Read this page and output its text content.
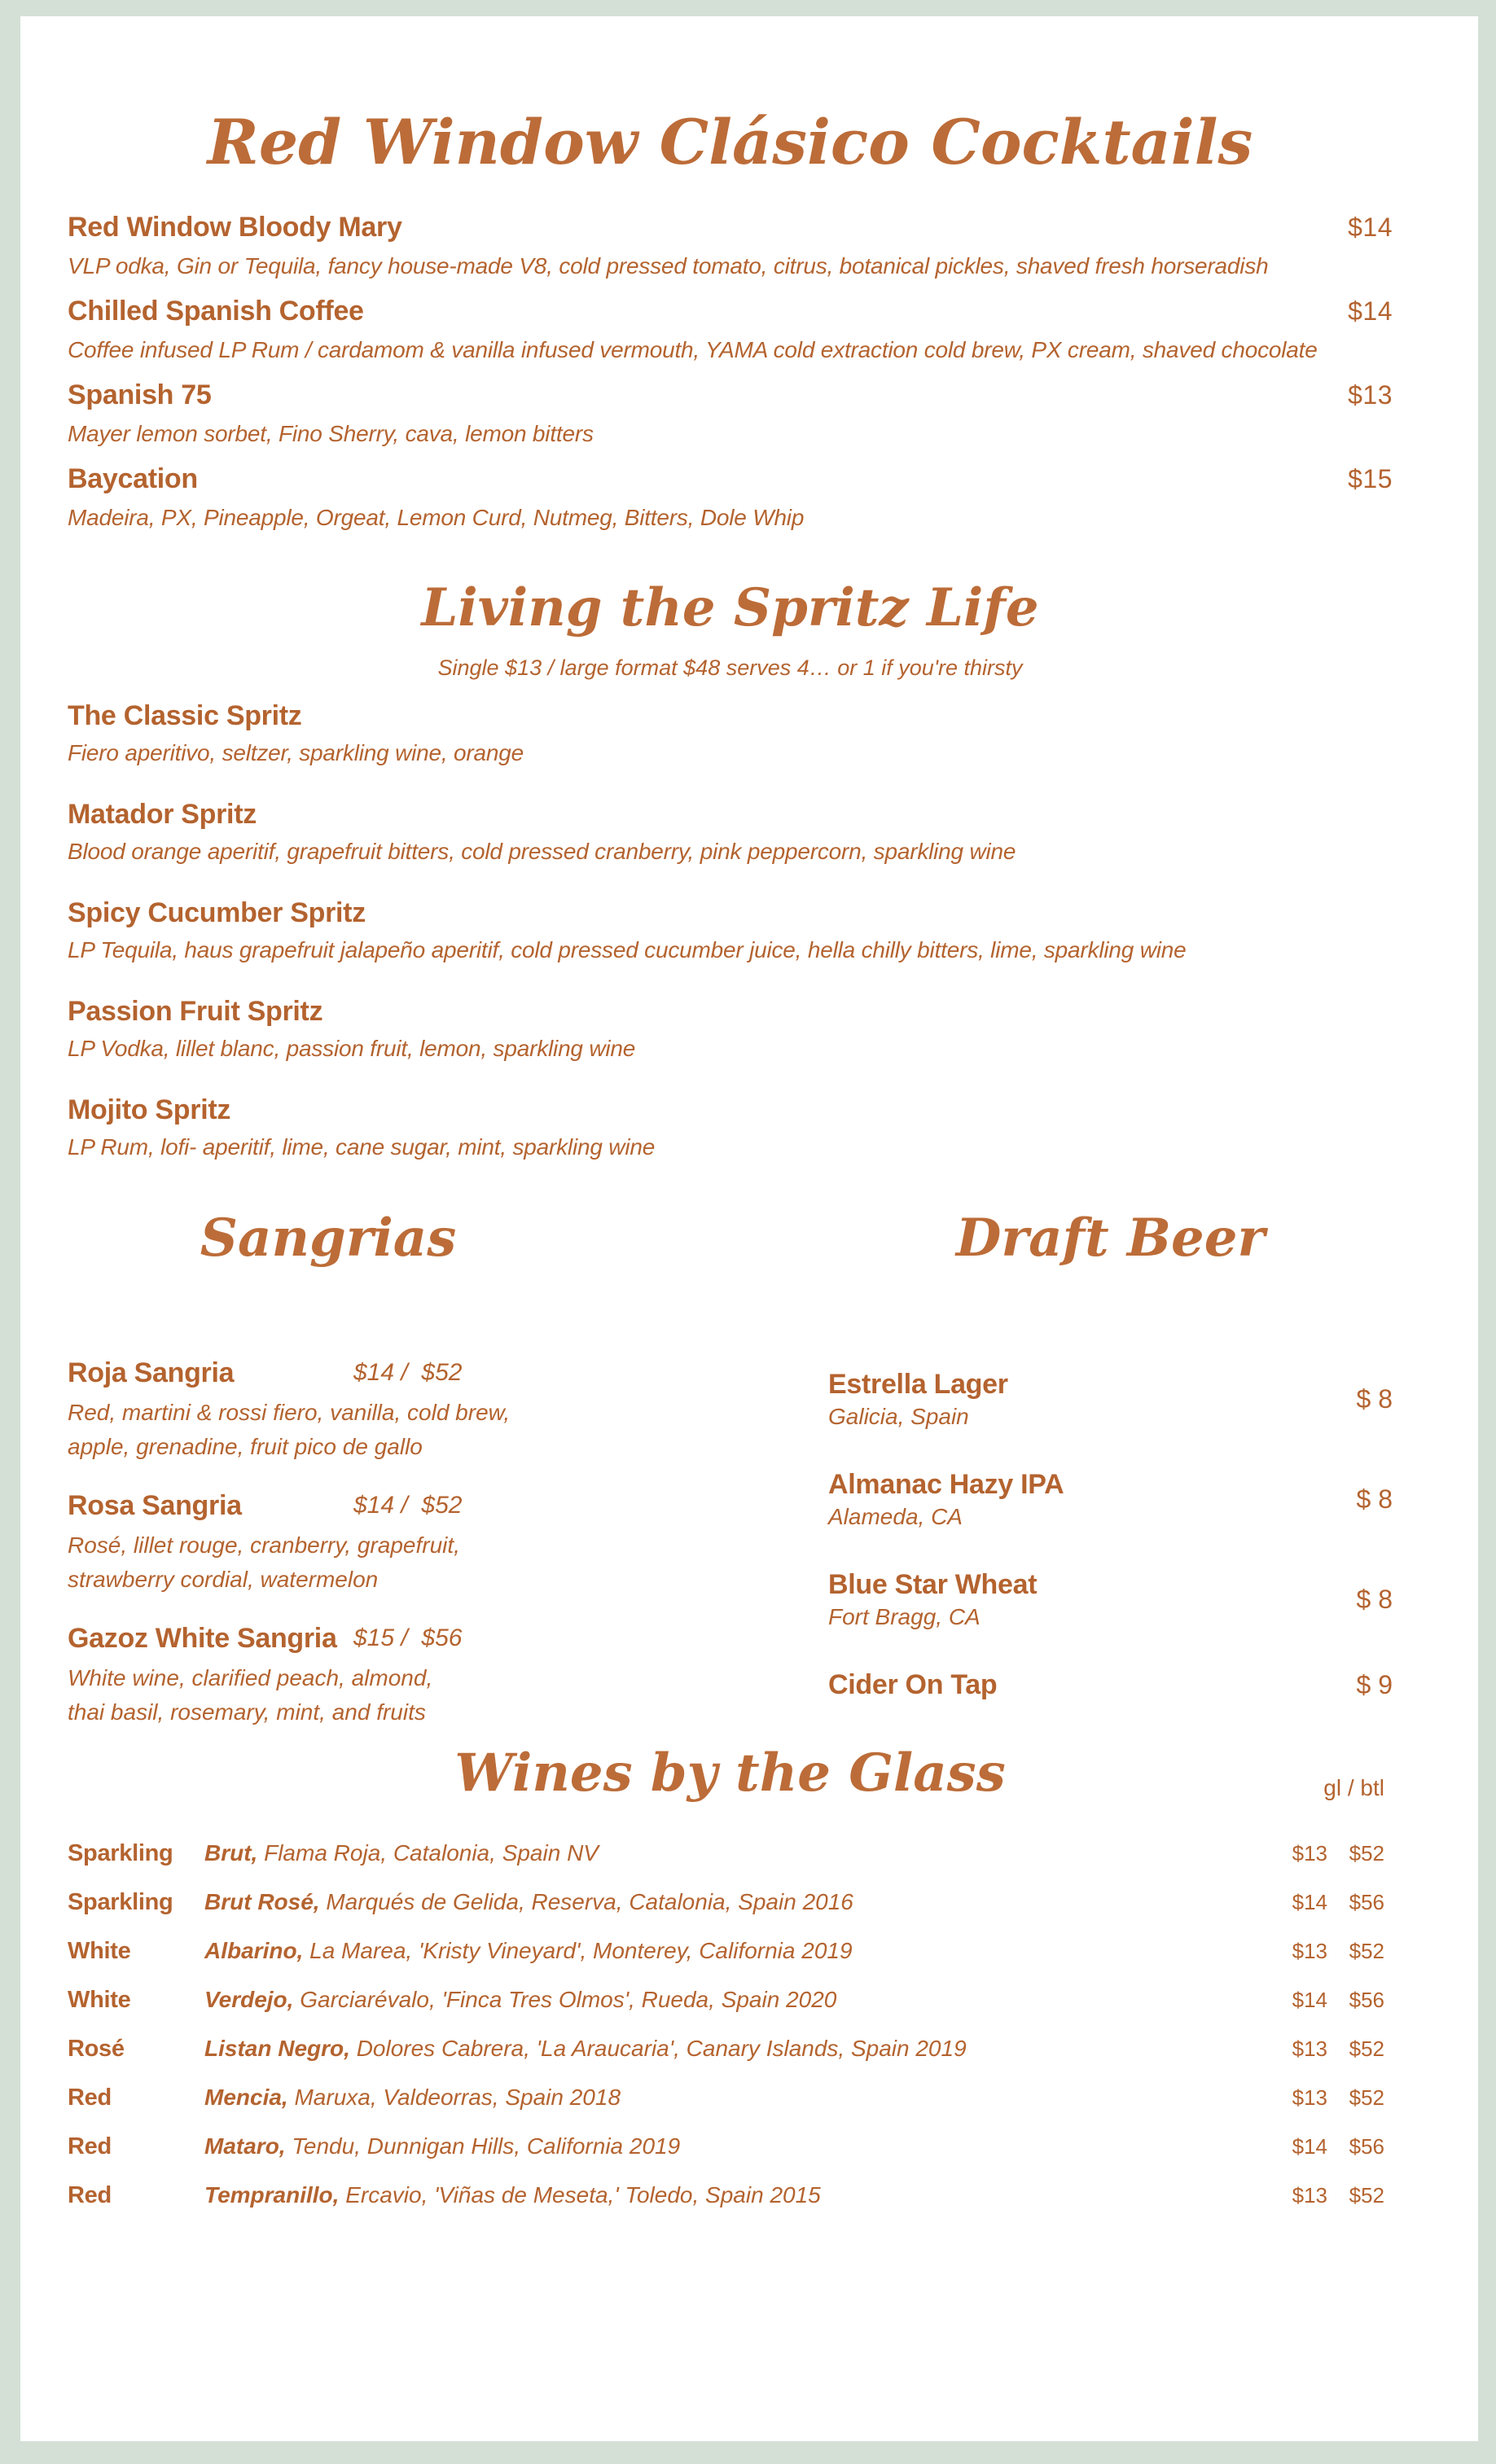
Red Window Clásico Cocktails
Red Window Bloody Mary	$14
VLP odka, Gin or Tequila, fancy house-made V8, cold pressed tomato, citrus, botanical pickles, shaved fresh horseradish
Chilled Spanish Coffee	$14
Coffee infused LP Rum / cardamom & vanilla infused vermouth, YAMA cold extraction cold brew, PX cream, shaved chocolate
Spanish 75	$13
Mayer lemon sorbet, Fino Sherry, cava, lemon bitters
Baycation	$15
Madeira, PX, Pineapple, Orgeat, Lemon Curd, Nutmeg, Bitters, Dole Whip
Living the Spritz Life

Single $13 / large format $48 serves 4… or 1 if you're thirsty

The Classic Spritz
Fiero aperitivo, seltzer, sparkling wine, orange
Matador Spritz
Blood orange aperitif, grapefruit bitters, cold pressed cranberry, pink peppercorn, sparkling wine
Spicy Cucumber Spritz
LP Tequila, haus grapefruit jalapeño aperitif, cold pressed cucumber juice, hella chilly bitters, lime, sparkling wine
Passion Fruit Spritz
LP Vodka, lillet blanc, passion fruit, lemon, sparkling wine
Mojito Spritz
LP Rum, lofi- aperitif, lime, cane sugar, mint, sparkling wine
Sangrias
Roja Sangria	$14 /  $52
Red, martini & rossi fiero, vanilla, cold brew,
apple, grenadine, fruit pico de gallo
Rosa Sangria	$14 /  $52
Rosé, lillet rouge, cranberry, grapefruit,
strawberry cordial, watermelon
Gazoz White Sangria $15 /  $56
White wine, clarified peach, almond,
thai basil, rosemary, mint, and fruits
Draft Beer
Estrella Lager
Galicia, Spain
$ 8
Almanac Hazy IPA
Alameda, CA
$ 8
Blue Star Wheat
Fort Bragg, CA
$ 8
Cider On Tap	$ 9
Wines by the Glass	gl / btl
Sparkling	Brut, Flama Roja, Catalonia, Spain NV	$13	$52
Sparkling	Brut Rosé, Marqués de Gelida, Reserva, Catalonia, Spain 2016	$14	$56
White	Albarino, La Marea, 'Kristy Vineyard', Monterey, California 2019	$13	$52
White	Verdejo, Garciarévalo, 'Finca Tres Olmos', Rueda, Spain 2020	$14	$56
Rosé	Listan Negro, Dolores Cabrera, 'La Araucaria', Canary Islands, Spain 2019	$13	$52
Red	Mencia, Maruxa, Valdeorras, Spain 2018	$13	$52
Red	Mataro, Tendu, Dunnigan Hills, California 2019	$14	$56
Red	Tempranillo, Ercavio, 'Viñas de Meseta,' Toledo, Spain 2015	$13	$52
